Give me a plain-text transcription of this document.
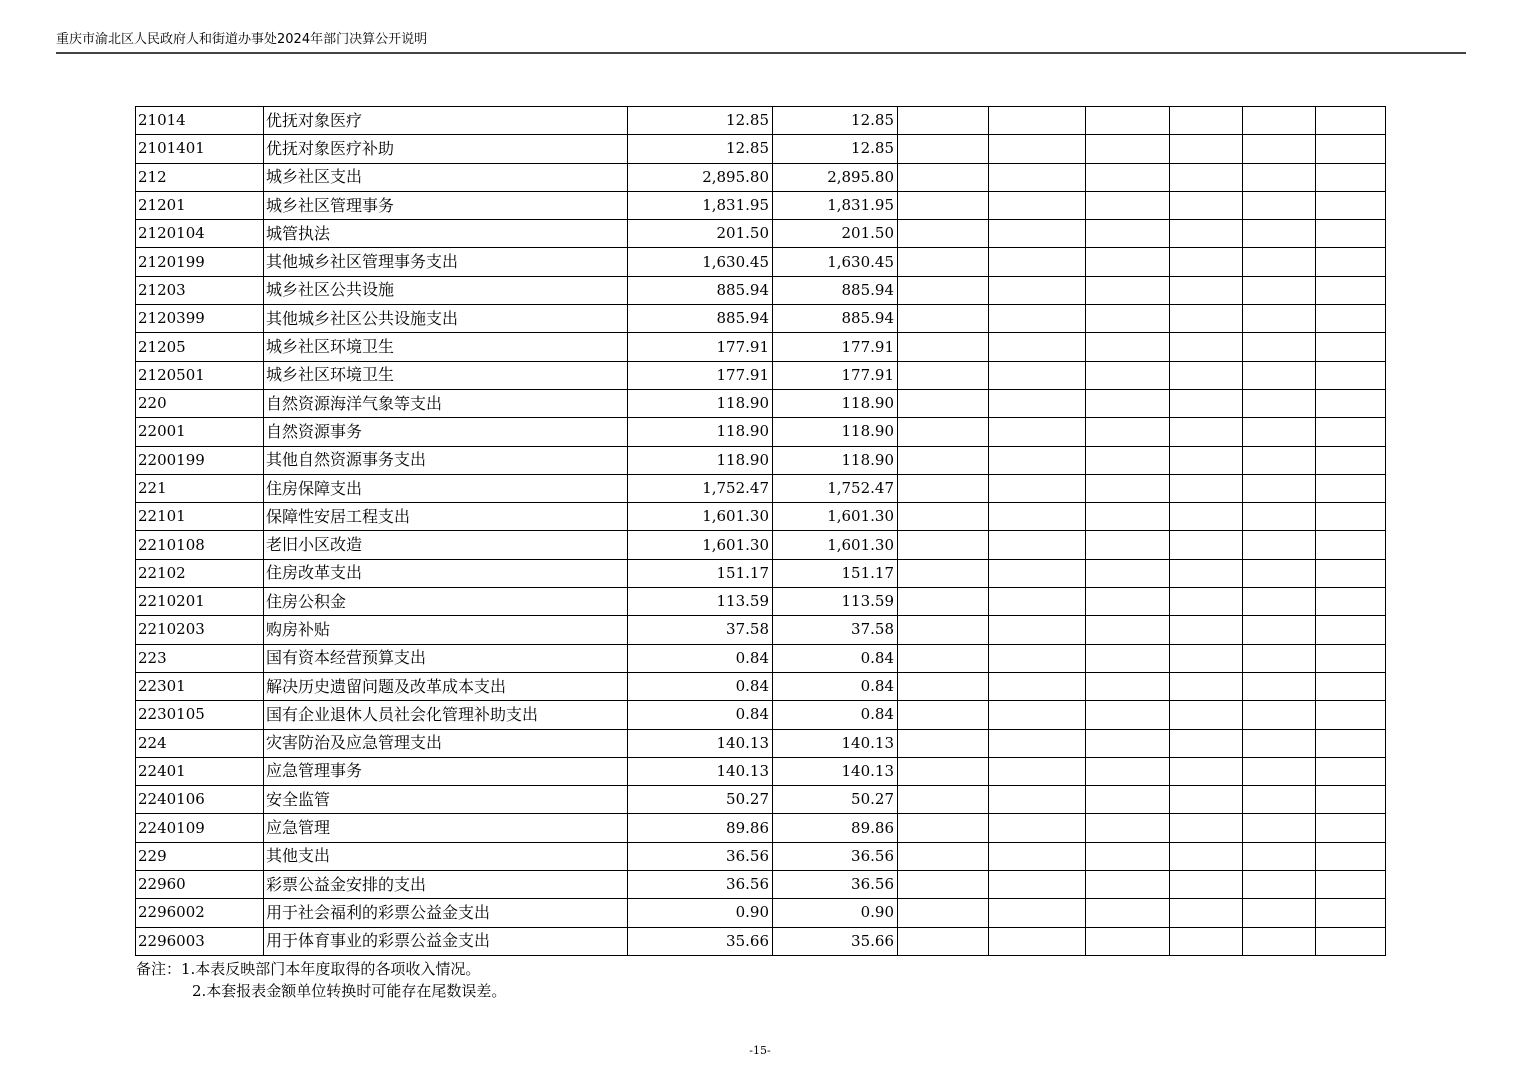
重庆市渝北区人民政府人和街道办事处2024年部门决算公开说明
21014	优抚对象医疗	12.85	12.85						
2101401	优抚对象医疗补助	12.85	12.85						
212	城乡社区支出	2,895.80	2,895.80						
21201	城乡社区管理事务	1,831.95	1,831.95						
2120104	城管执法	201.50	201.50						
2120199	其他城乡社区管理事务支出	1,630.45	1,630.45						
21203	城乡社区公共设施	885.94	885.94						
2120399	其他城乡社区公共设施支出	885.94	885.94						
21205	城乡社区环境卫生	177.91	177.91						
2120501	城乡社区环境卫生	177.91	177.91						
220	自然资源海洋气象等支出	118.90	118.90						
22001	自然资源事务	118.90	118.90						
2200199	其他自然资源事务支出	118.90	118.90						
221	住房保障支出	1,752.47	1,752.47						
22101	保障性安居工程支出	1,601.30	1,601.30						
2210108	老旧小区改造	1,601.30	1,601.30						
22102	住房改革支出	151.17	151.17						
2210201	住房公积金	113.59	113.59						
2210203	购房补贴	37.58	37.58						
223	国有资本经营预算支出	0.84	0.84						
22301	解决历史遗留问题及改革成本支出	0.84	0.84						
2230105	国有企业退休人员社会化管理补助支出	0.84	0.84						
224	灾害防治及应急管理支出	140.13	140.13						
22401	应急管理事务	140.13	140.13						
2240106	安全监管	50.27	50.27						
2240109	应急管理	89.86	89.86						
229	其他支出	36.56	36.56						
22960	彩票公益金安排的支出	36.56	36.56						
2296002	用于社会福利的彩票公益金支出	0.90	0.90						
2296003	用于体育事业的彩票公益金支出	35.66	35.66						
备注：1.本表反映部门本年度取得的各项收入情况。
2.本套报表金额单位转换时可能存在尾数误差。
-15-
